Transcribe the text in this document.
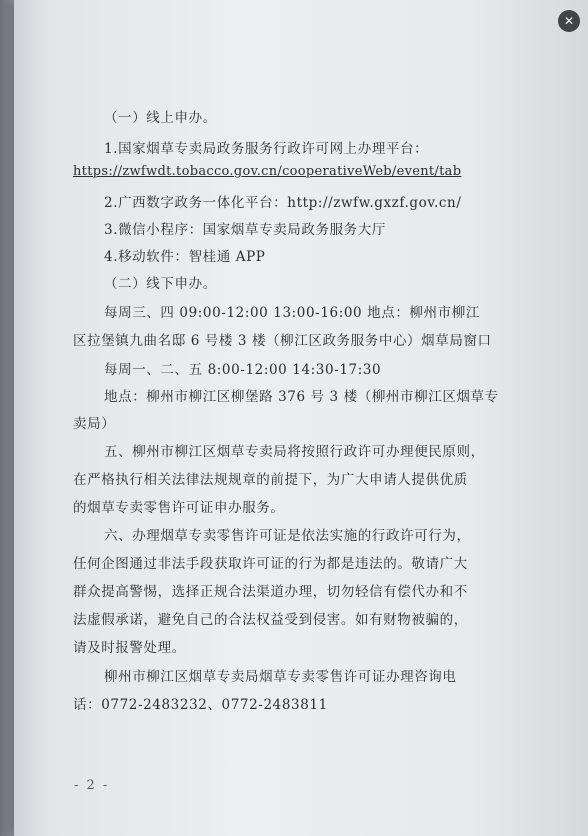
（一）线上申办。
1.国家烟草专卖局政务服务行政许可网上办理平台：
https://zwfwdt.tobacco.gov.cn/cooperativeWeb/event/tab
2.广西数字政务一体化平台：http://zwfw.gxzf.gov.cn/
3.微信小程序：国家烟草专卖局政务服务大厅
4.移动软件：智桂通 APP
（二）线下申办。
每周三、四 09:00-12:00 13:00-16:00 地点：柳州市柳江
区拉堡镇九曲名邸 6 号楼 3 楼（柳江区政务服务中心）烟草局窗口
每周一、二、五 8:00-12:00 14:30-17:30
地点：柳州市柳江区柳堡路 376 号 3 楼（柳州市柳江区烟草专
卖局）
五、柳州市柳江区烟草专卖局将按照行政许可办理便民原则，
在严格执行相关法律法规规章的前提下，为广大申请人提供优质
的烟草专卖零售许可证申办服务。
六、办理烟草专卖零售许可证是依法实施的行政许可行为，
任何企图通过非法手段获取许可证的行为都是违法的。敬请广大
群众提高警惕，选择正规合法渠道办理，切勿轻信有偿代办和不
法虚假承诺，避免自己的合法权益受到侵害。如有财物被骗的，
请及时报警处理。
柳州市柳江区烟草专卖局烟草专卖零售许可证办理咨询电
话：0772-2483232、0772-2483811
- 2 -
✕
